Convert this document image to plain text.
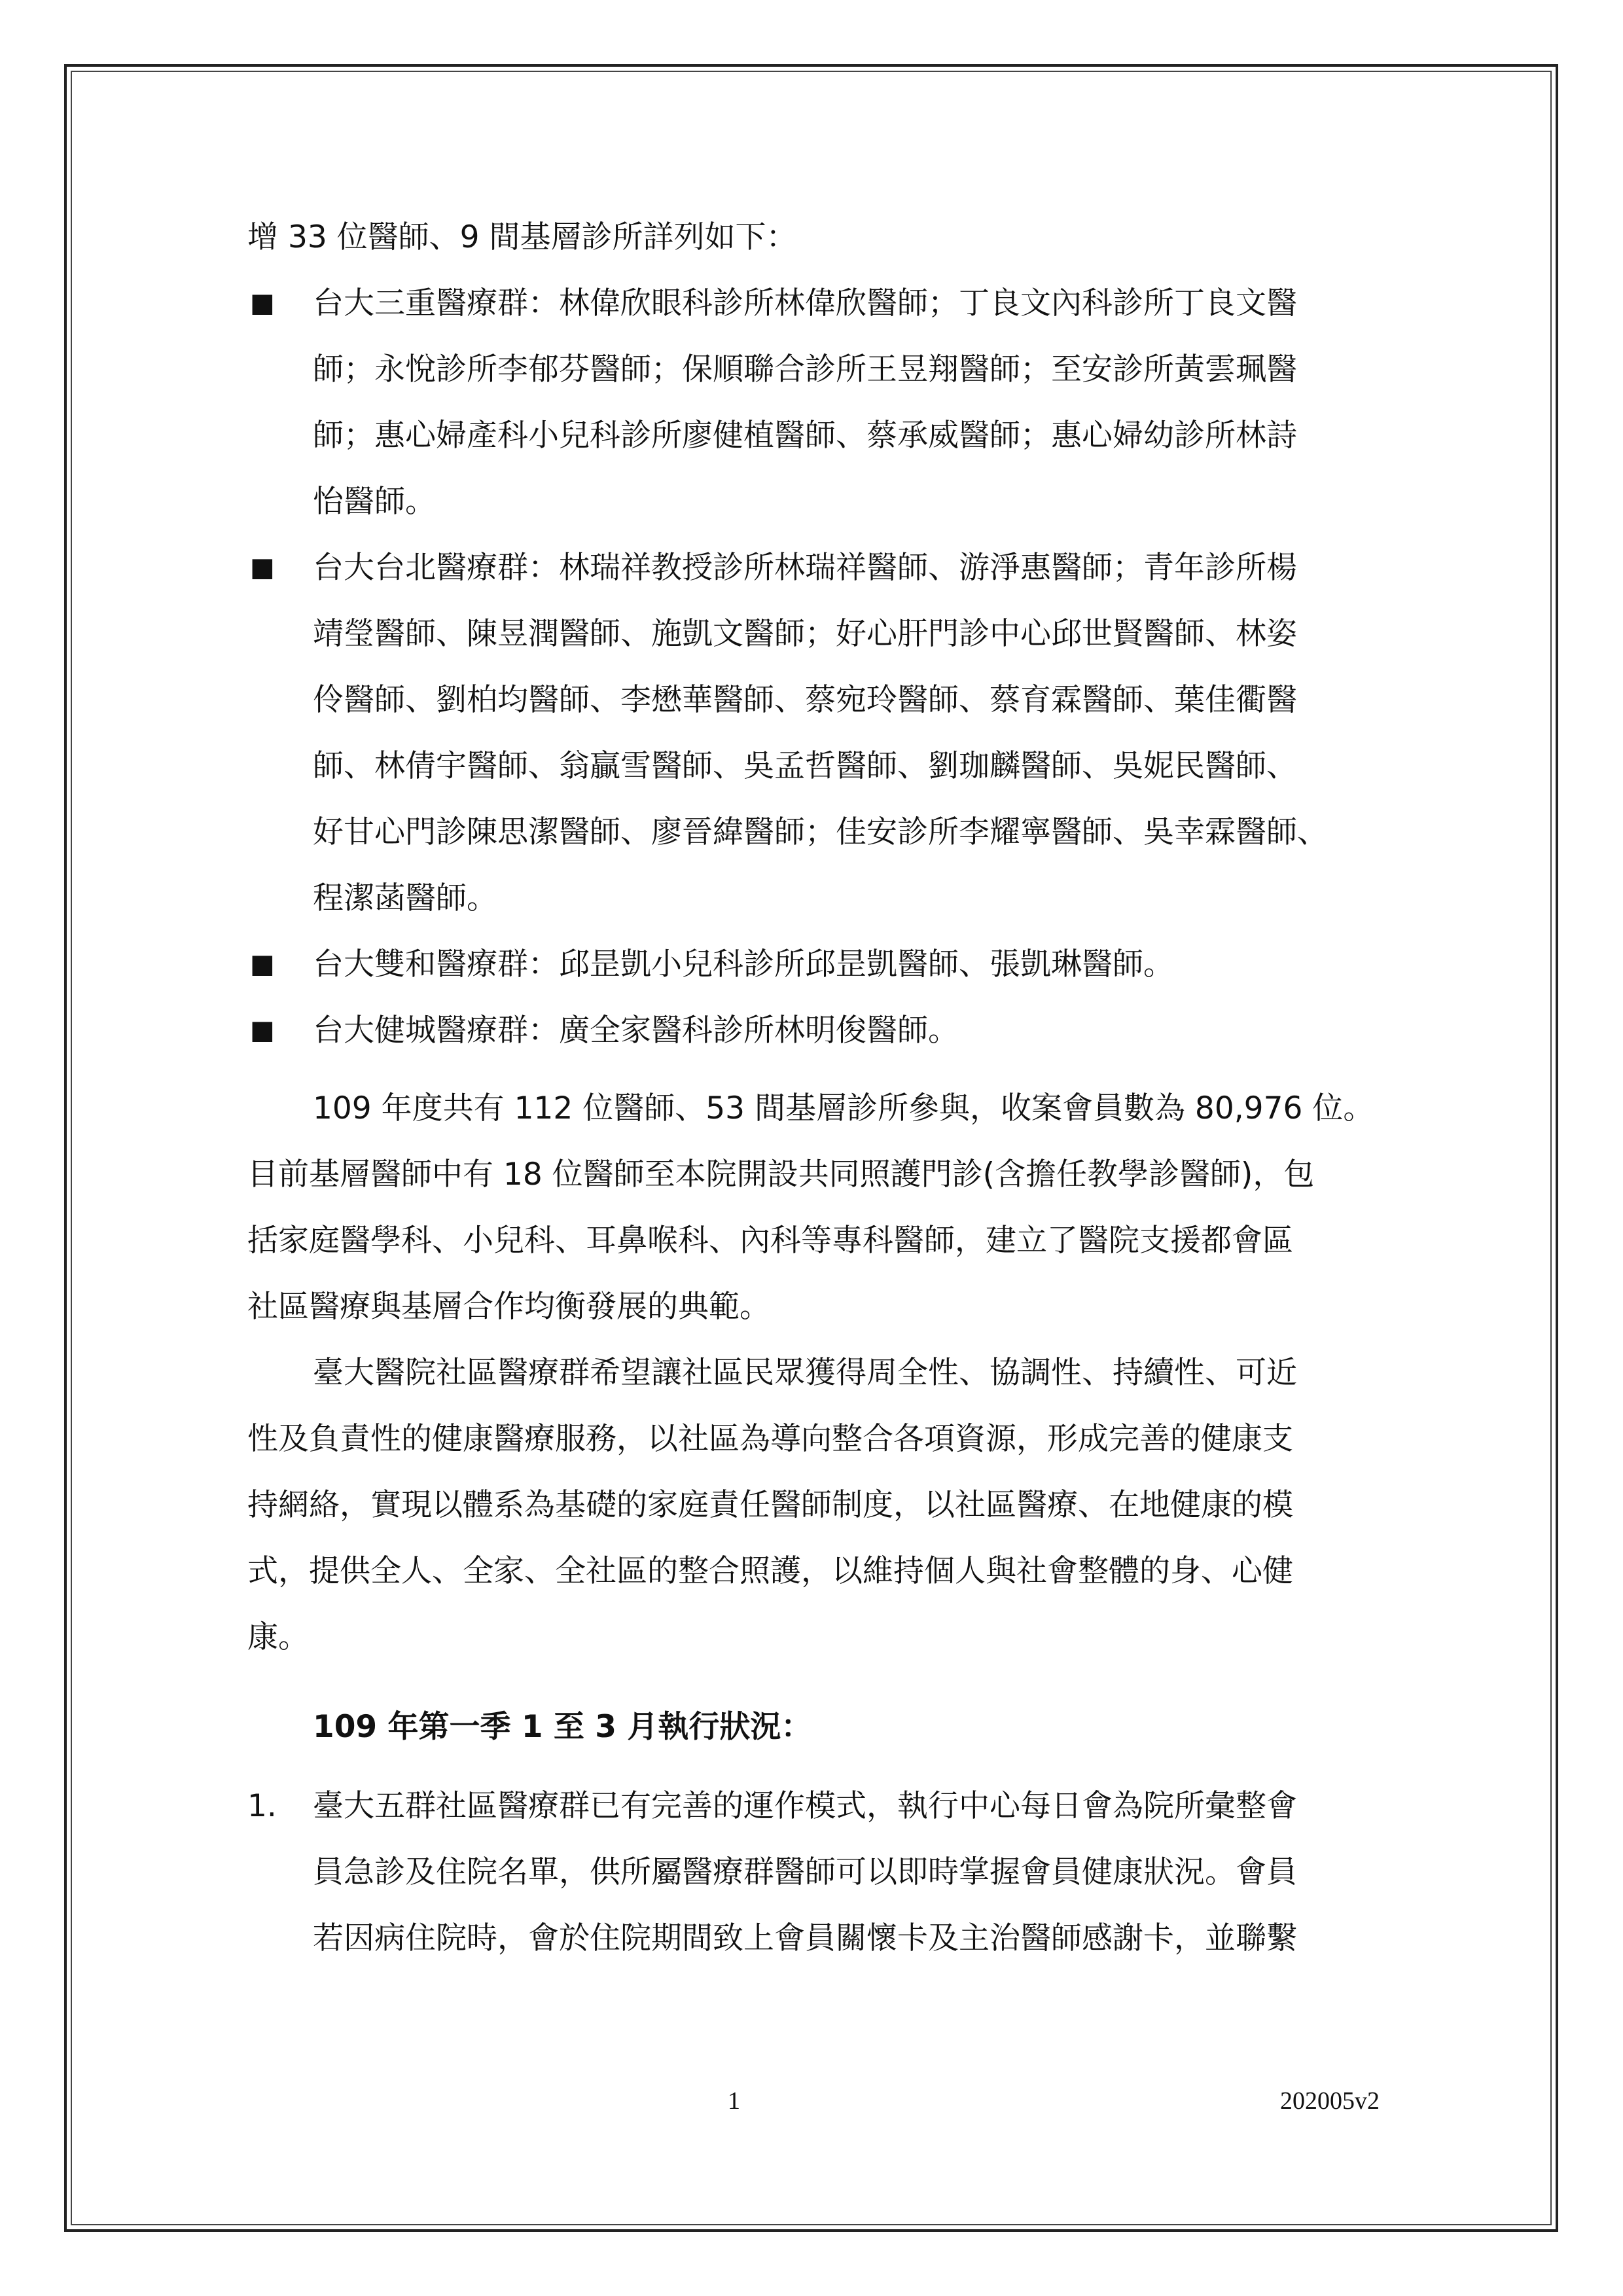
增 33 位醫師、9 間基層診所詳列如下：

■ 台大三重醫療群：林偉欣眼科診所林偉欣醫師；丁良文內科診所丁良文醫

師；永悅診所李郁芬醫師；保順聯合診所王昱翔醫師；至安診所黃雲珮醫

師；惠心婦產科小兒科診所廖健植醫師、蔡承威醫師；惠心婦幼診所林詩

怡醫師。

■ 台大台北醫療群：林瑞祥教授診所林瑞祥醫師、游淨惠醫師；青年診所楊

靖瑩醫師、陳昱潤醫師、施凱文醫師；好心肝門診中心邱世賢醫師、林姿

伶醫師、劉柏均醫師、李懋華醫師、蔡宛玲醫師、蔡育霖醫師、葉佳衢醫

師、林倩宇醫師、翁贏雪醫師、吳孟哲醫師、劉珈麟醫師、吳妮民醫師、

好甘心門診陳思潔醫師、廖晉緯醫師；佳安診所李耀寧醫師、吳幸霖醫師、

程潔菡醫師。

■ 台大雙和醫療群：邱昰凱小兒科診所邱昰凱醫師、張凱琳醫師。

■ 台大健城醫療群：廣全家醫科診所林明俊醫師。

109 年度共有 112 位醫師、53 間基層診所參與，收案會員數為 80,976 位。

目前基層醫師中有 18 位醫師至本院開設共同照護門診(含擔任教學診醫師)，包

括家庭醫學科、小兒科、耳鼻喉科、內科等專科醫師，建立了醫院支援都會區

社區醫療與基層合作均衡發展的典範。

臺大醫院社區醫療群希望讓社區民眾獲得周全性、協調性、持續性、可近

性及負責性的健康醫療服務，以社區為導向整合各項資源，形成完善的健康支

持網絡，實現以體系為基礎的家庭責任醫師制度，以社區醫療、在地健康的模

式，提供全人、全家、全社區的整合照護，以維持個人與社會整體的身、心健

康。

109 年第一季 1 至 3 月執行狀況：

1. 臺大五群社區醫療群已有完善的運作模式，執行中心每日會為院所彙整會

員急診及住院名單，供所屬醫療群醫師可以即時掌握會員健康狀況。會員

若因病住院時，會於住院期間致上會員關懷卡及主治醫師感謝卡，並聯繫

1	202005v2
